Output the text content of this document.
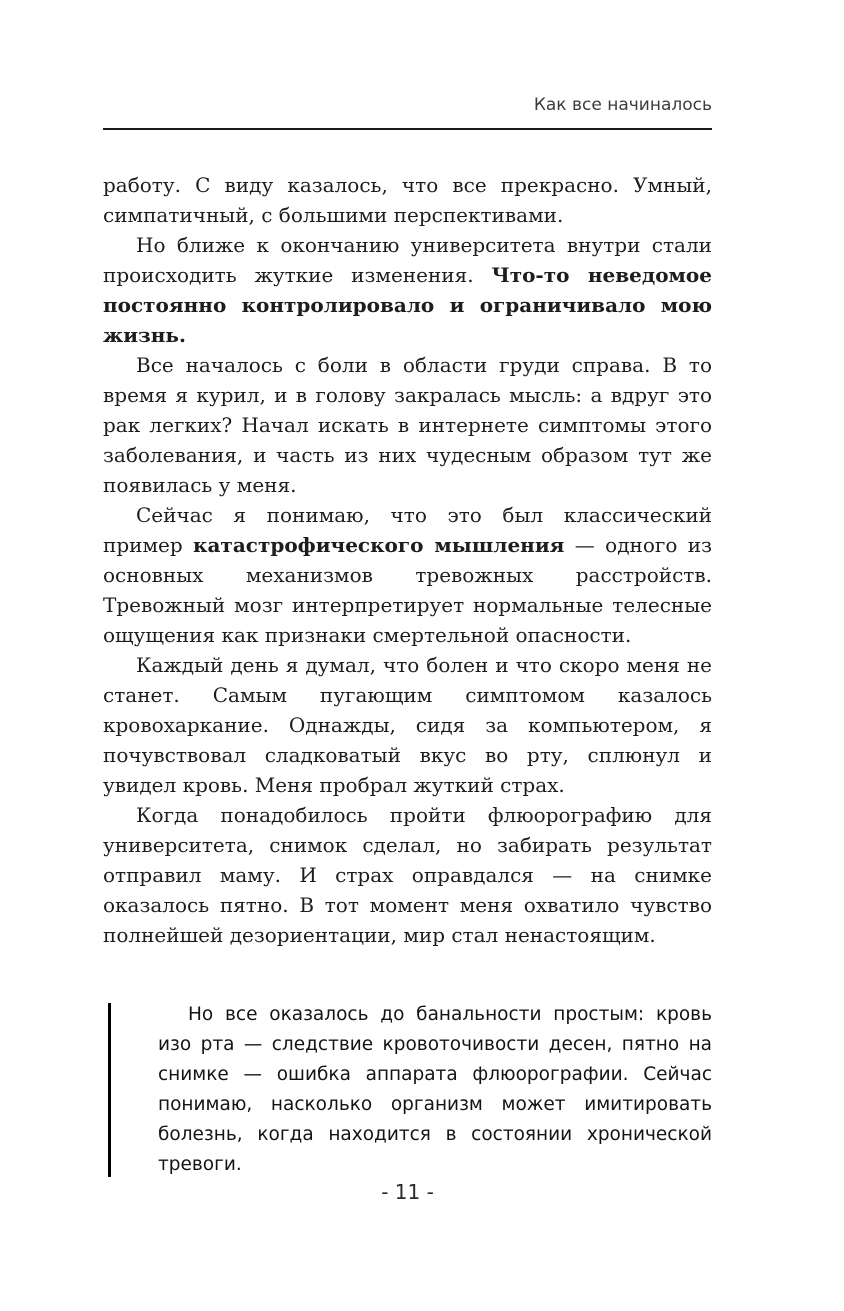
Как все начиналось

работу. С виду казалось, что все прекрасно. Умный, симпатичный, с большими перспективами.

Но ближе к окончанию университета внутри стали происходить жуткие изменения. Что-то неведомое постоянно контролировало и ограничивало мою жизнь.

Все началось с боли в области груди справа. В то время я курил, и в голову закралась мысль: а вдруг это рак легких? Начал искать в интернете симптомы этого заболевания, и часть из них чудесным образом тут же появилась у меня.

Сейчас я понимаю, что это был классический пример катастрофического мышления — одного из основных механизмов тревожных расстройств. Тревожный мозг интерпретирует нормальные телесные ощущения как признаки смертельной опасности.

Каждый день я думал, что болен и что скоро меня не станет. Самым пугающим симптомом казалось кровохаркание. Однажды, сидя за компьютером, я почувствовал сладковатый вкус во рту, сплюнул и увидел кровь. Меня пробрал жуткий страх.

Когда понадобилось пройти флюорографию для университета, снимок сделал, но забирать результат отправил маму. И страх оправдался — на снимке оказалось пятно. В тот момент меня охватило чувство полнейшей дезориентации, мир стал ненастоящим.

Но все оказалось до банальности простым: кровь изо рта — следствие кровоточивости десен, пятно на снимке — ошибка аппарата флюорографии. Сейчас понимаю, насколько организм может имитировать болезнь, когда находится в состоянии хронической тревоги.

- 11 -
